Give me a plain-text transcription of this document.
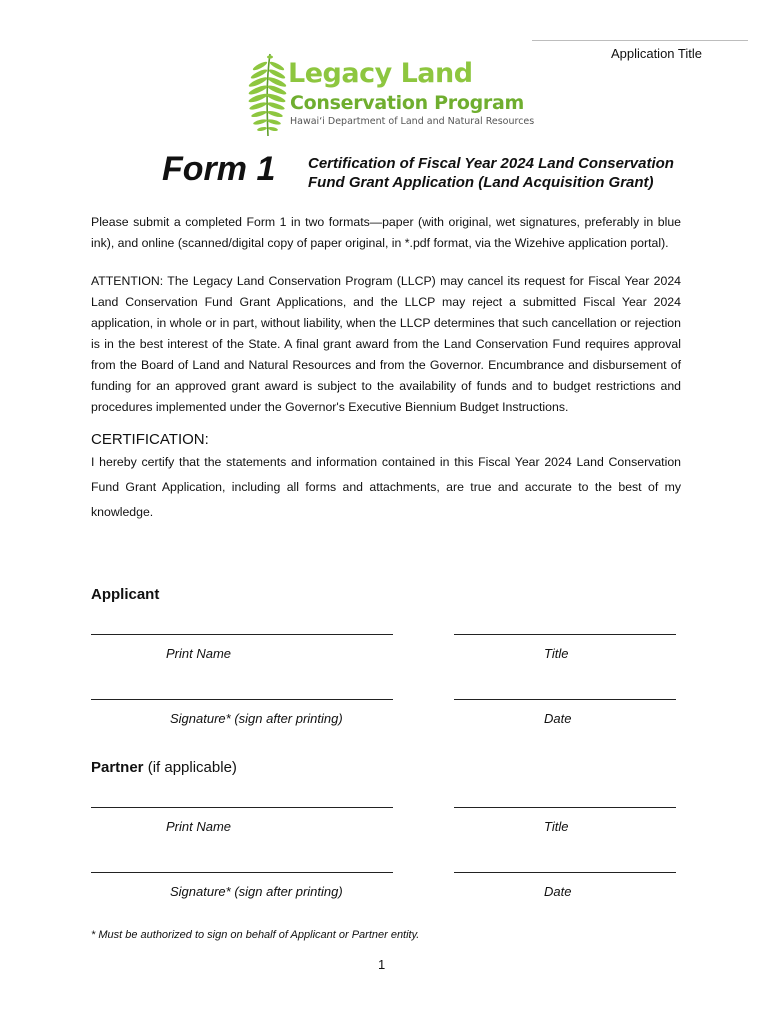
Application Title
Legacy Land
Conservation Program
Hawai‘i Department of Land and Natural Resources
Form 1 Certification of Fiscal Year 2024 Land Conservation Fund Grant Application (Land Acquisition Grant)
Please submit a completed Form 1 in two formats—paper (with original, wet signatures, preferably in blue ink), and online (scanned/digital copy of paper original, in *.pdf format, via the Wizehive application portal).
ATTENTION: The Legacy Land Conservation Program (LLCP) may cancel its request for Fiscal Year 2024 Land Conservation Fund Grant Applications, and the LLCP may reject a submitted Fiscal Year 2024 application, in whole or in part, without liability, when the LLCP determines that such cancellation or rejection is in the best interest of the State. A final grant award from the Land Conservation Fund requires approval from the Board of Land and Natural Resources and from the Governor. Encumbrance and disbursement of funding for an approved grant award is subject to the availability of funds and to budget restrictions and procedures implemented under the Governor's Executive Biennium Budget Instructions.
CERTIFICATION:
I hereby certify that the statements and information contained in this Fiscal Year 2024 Land Conservation Fund Grant Application, including all forms and attachments, are true and accurate to the best of my knowledge.
Applicant
Print Name	Title
Signature* (sign after printing)	Date
Partner (if applicable)
Print Name	Title
Signature* (sign after printing)	Date
* Must be authorized to sign on behalf of Applicant or Partner entity.
1
